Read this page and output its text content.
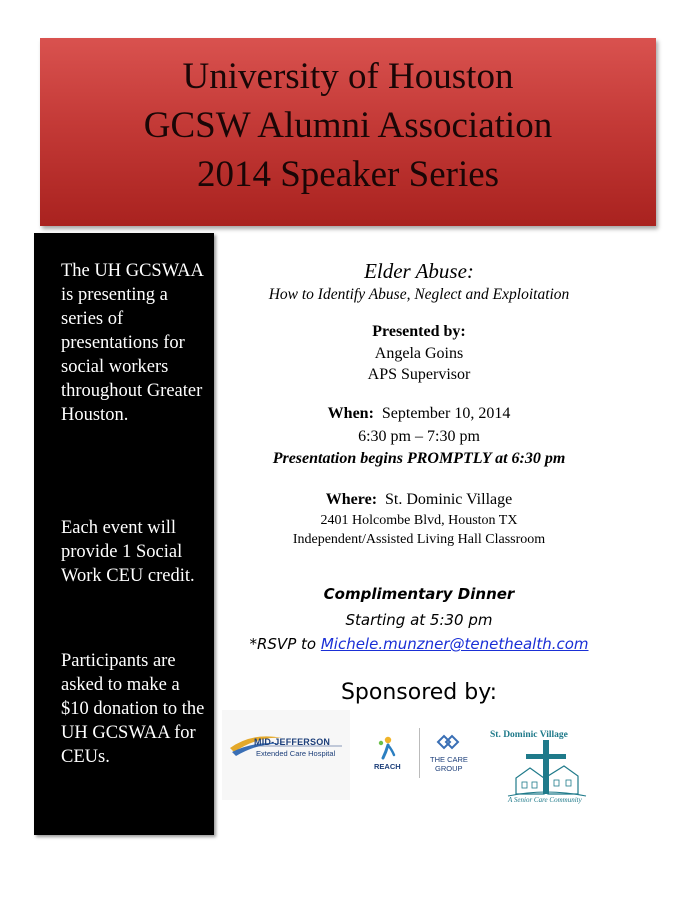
University of Houston
GCSW Alumni Association
2014 Speaker Series

The UH GCSWAA is presenting a series of presentations for social workers throughout Greater Houston.

Each event will provide 1 Social Work CEU credit.

Participants are asked to make a $10 donation to the UH GCSWAA for CEUs.

Elder Abuse:
How to Identify Abuse, Neglect and Exploitation
Presented by:
Angela Goins
APS Supervisor
When: September 10, 2014
6:30 pm – 7:30 pm
Presentation begins PROMPTLY at 6:30 pm
Where: St. Dominic Village
2401 Holcombe Blvd, Houston TX
Independent/Assisted Living Hall Classroom
Complimentary Dinner
Starting at 5:30 pm
*RSVP to Michele.munzner@tenethealth.com
Sponsored by:
MID-JEFFERSON
Extended Care Hospital
REACH
THE CARE
GROUP
St. Dominic Village
A Senior Care Community
